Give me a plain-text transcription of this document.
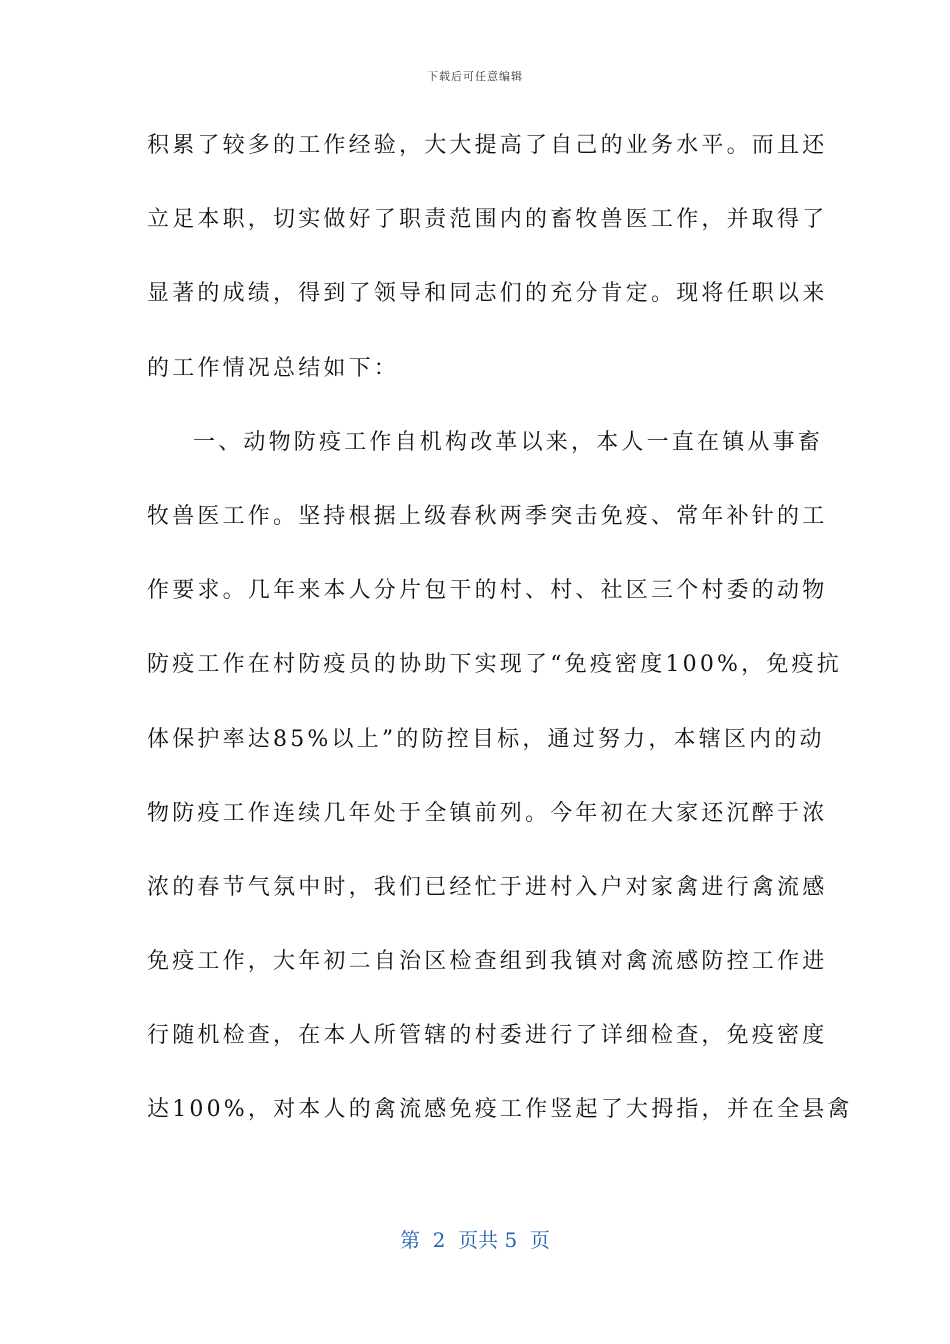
下载后可任意编辑
积累了较多的工作经验，大大提高了自己的业务水平。而且还
立足本职，切实做好了职责范围内的畜牧兽医工作，并取得了
显著的成绩，得到了领导和同志们的充分肯定。现将任职以来
的工作情况总结如下：
一、动物防疫工作自机构改革以来，本人一直在镇从事畜
牧兽医工作。坚持根据上级春秋两季突击免疫、常年补针的工
作要求。几年来本人分片包干的村、村、社区三个村委的动物
防疫工作在村防疫员的协助下实现了“免疫密度100%，免疫抗
体保护率达85%以上”的防控目标，通过努力，本辖区内的动
物防疫工作连续几年处于全镇前列。今年初在大家还沉醉于浓
浓的春节气氛中时，我们已经忙于进村入户对家禽进行禽流感
免疫工作，大年初二自治区检查组到我镇对禽流感防控工作进
行随机检查，在本人所管辖的村委进行了详细检查，免疫密度
达100%，对本人的禽流感免疫工作竖起了大拇指，并在全县禽
第  2  页共 5  页
